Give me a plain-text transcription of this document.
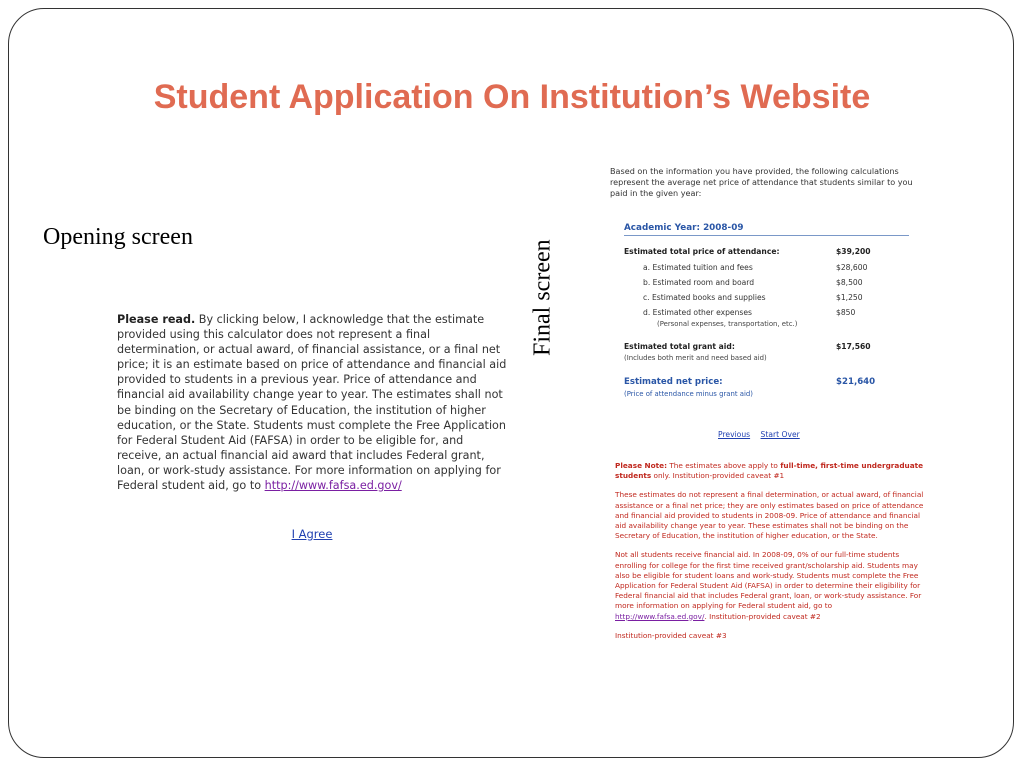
Student Application On Institution’s Website
Opening screen
Final screen
Please read. By clicking below, I acknowledge that the estimate provided using this calculator does not represent a final determination, or actual award, of financial assistance, or a final net price; it is an estimate based on price of attendance and financial aid provided to students in a previous year. Price of attendance and financial aid availability change year to year. The estimates shall not be binding on the Secretary of Education, the institution of higher education, or the State. Students must complete the Free Application for Federal Student Aid (FAFSA) in order to be eligible for, and receive, an actual financial aid award that includes Federal grant, loan, or work-study assistance. For more information on applying for Federal student aid, go to http://www.fafsa.ed.gov/
I Agree

Based on the information you have provided, the following calculations represent the average net price of attendance that students similar to you paid in the given year:

Academic Year: 2008-09
Estimated total price of attendance:	$39,200
a. Estimated tuition and fees	$28,600
b. Estimated room and board	$8,500
c. Estimated books and supplies	$1,250
d. Estimated other expenses	$850
(Personal expenses, transportation, etc.)
Estimated total grant aid:	$17,560
(Includes both merit and need based aid)
Estimated net price:	$21,640
(Price of attendance minus grant aid)
Previous Start Over

Please Note: The estimates above apply to full-time, first-time undergraduate students only. Institution-provided caveat #1

These estimates do not represent a final determination, or actual award, of financial assistance or a final net price; they are only estimates based on price of attendance and financial aid provided to students in 2008-09. Price of attendance and financial aid availability change year to year. These estimates shall not be binding on the Secretary of Education, the institution of higher education, or the State.

Not all students receive financial aid. In 2008-09, 0% of our full-time students enrolling for college for the first time received grant/scholarship aid. Students may also be eligible for student loans and work-study. Students must complete the Free Application for Federal Student Aid (FAFSA) in order to determine their eligibility for Federal financial aid that includes Federal grant, loan, or work-study assistance. For more information on applying for Federal student aid, go to http://www.fafsa.ed.gov/. Institution-provided caveat #2

Institution-provided caveat #3
